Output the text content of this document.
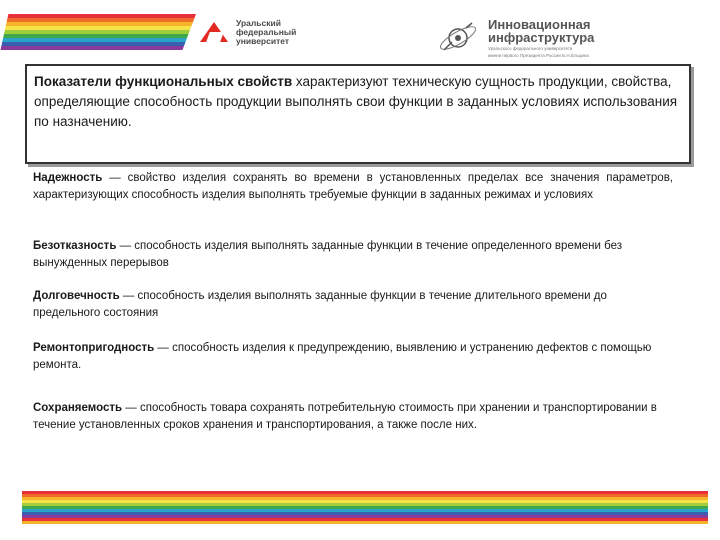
Уральский
федеральный
университет
Инновационная
инфраструктура
Уральского федерального университета
имени первого Президента России Б.Н.Ельцина
Показатели функциональных свойств характеризуют техническую сущность продукции, свойства, определяющие способность продукции выполнять свои функции в заданных условиях использования по назначению.
Надежность — свойство изделия сохранять во времени в установленных пределах все значения параметров, характеризующих способность изделия выполнять требуемые функции в заданных режимах и условиях
Безотказность — способность изделия выполнять заданные функции в течение определенного времени без вынужденных перерывов
Долговечность — способность изделия выполнять заданные функции в течение длительного времени до предельного состояния
Ремонтопригодность — способность изделия к предупреждению, выявлению и устранению дефектов с помощью ремонта.
Сохраняемость — способность товара сохранять потребительную стоимость при хранении и транспортировании в течение установленных сроков хранения и транспортирования, а также после них.
